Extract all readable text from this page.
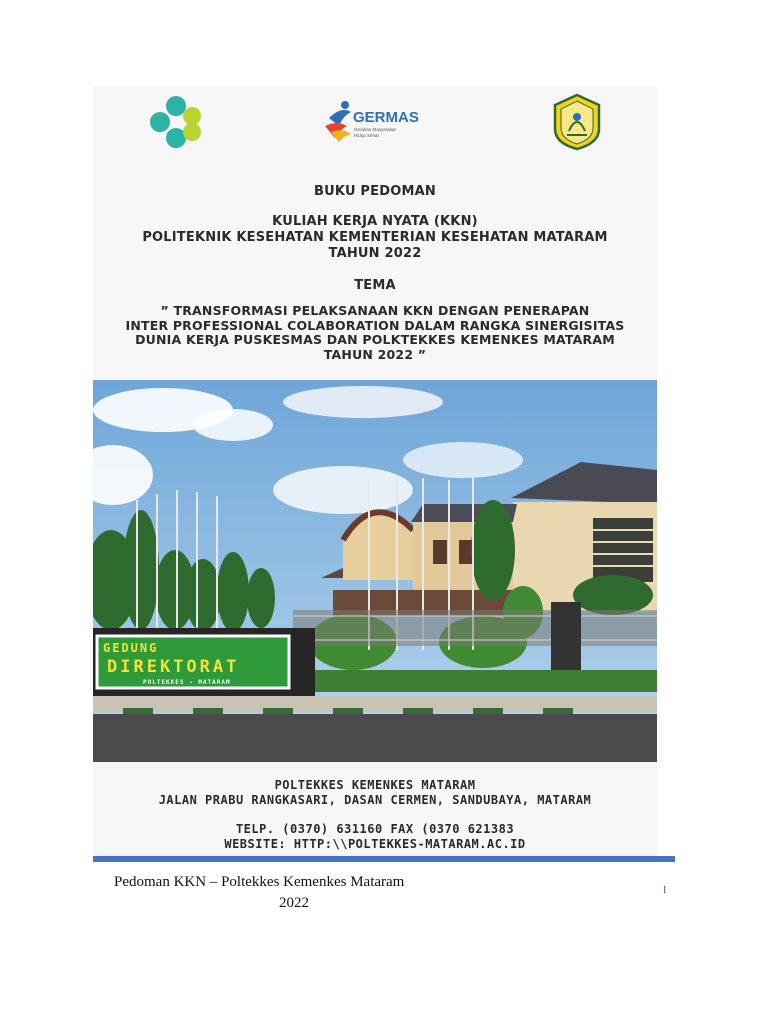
GERMAS
Gerakan Masyarakat
Hidup Sehat

BUKU PEDOMAN

KULIAH KERJA NYATA (KKN)

POLITEKNIK KESEHATAN KEMENTERIAN KESEHATAN MATARAM

TAHUN 2022

TEMA

” TRANSFORMASI PELAKSANAAN KKN DENGAN PENERAPAN

INTER PROFESSIONAL COLABORATION DALAM RANGKA SINERGISITAS

DUNIA KERJA PUSKESMAS DAN POLKTEKKES KEMENKES MATARAM

TAHUN 2022 ”

GEDUNG
DIREKTORAT
POLTEKKES - MATARAM

POLTEKKES KEMENKES MATARAM

JALAN PRABU RANGKASARI, DASAN CERMEN, SANDUBAYA, MATARAM

TELP. (0370) 631160 FAX (0370 621383

WEBSITE: HTTP:\\POLTEKKES-MATARAM.AC.ID

Pedoman KKN – Poltekkes Kemenkes Mataram
2022
I
